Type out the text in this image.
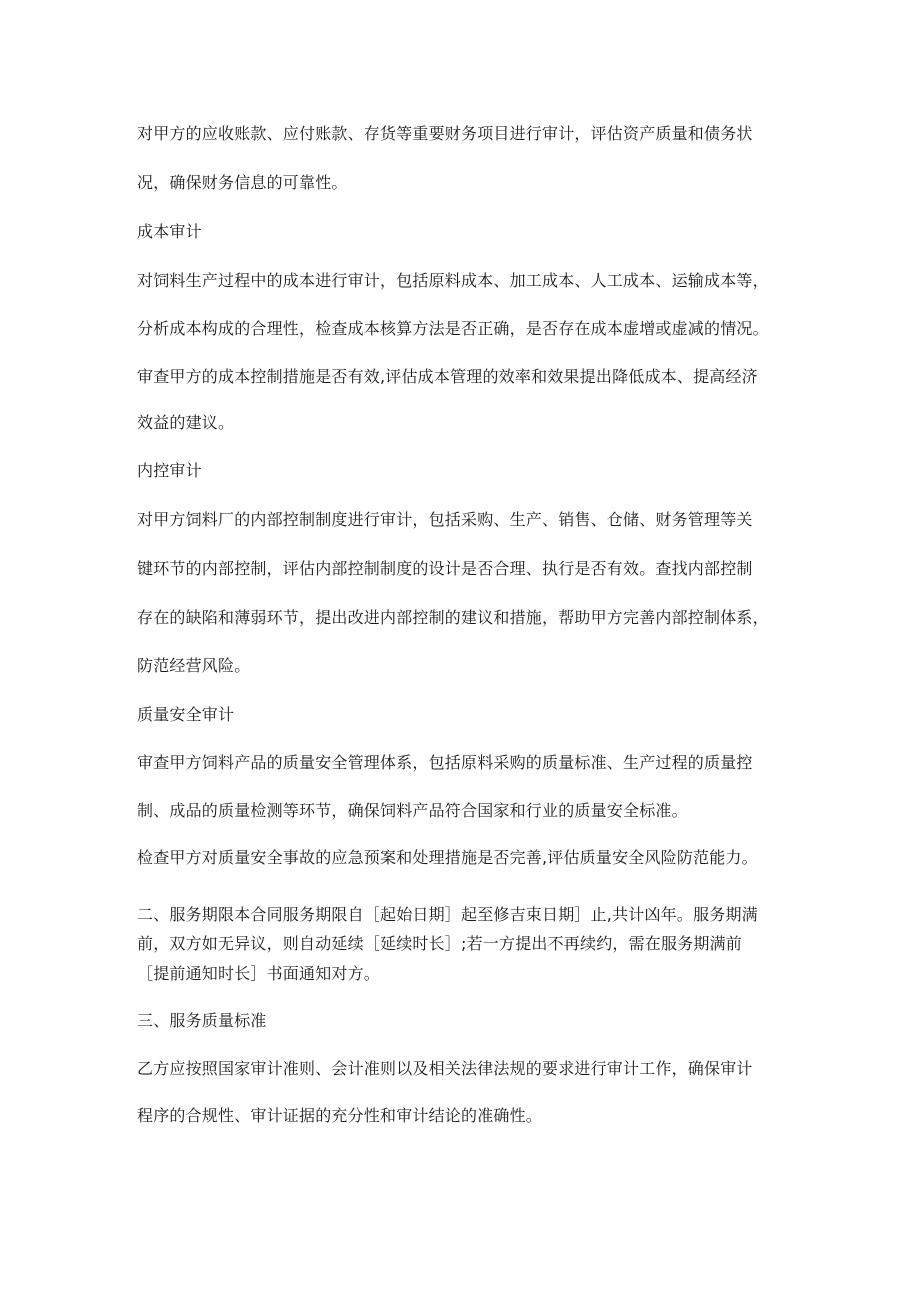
对甲方的应收账款、应付账款、存货等重要财务项目进行审计，评估资产质量和债务状
况，确保财务信息的可靠性。
成本审计
对饲料生产过程中的成本进行审计，包括原料成本、加工成本、人工成本、运输成本等，
分析成本构成的合理性，检查成本核算方法是否正确，是否存在成本虚增或虚减的情况。
审查甲方的成本控制措施是否有效,评估成本管理的效率和效果提出降低成本、提高经济
效益的建议。
内控审计
对甲方饲料厂的内部控制制度进行审计，包括采购、生产、销售、仓储、财务管理等关
键环节的内部控制，评估内部控制制度的设计是否合理、执行是否有效。查找内部控制
存在的缺陷和薄弱环节，提出改进内部控制的建议和措施，帮助甲方完善内部控制体系，
防范经营风险。
质量安全审计
审查甲方饲料产品的质量安全管理体系，包括原料采购的质量标准、生产过程的质量控
制、成品的质量检测等环节，确保饲料产品符合国家和行业的质量安全标准。
检查甲方对质量安全事故的应急预案和处理措施是否完善,评估质量安全风险防范能力。
二、服务期限本合同服务期限自［起始日期］起至修吉束日期］止,共计凶年。服务期满
前，双方如无异议，则自动延续［延续时长］;若一方提出不再续约，需在服务期满前
［提前通知时长］书面通知对方。
三、服务质量标准
乙方应按照国家审计准则、会计准则以及相关法律法规的要求进行审计工作，确保审计
程序的合规性、审计证据的充分性和审计结论的准确性。
